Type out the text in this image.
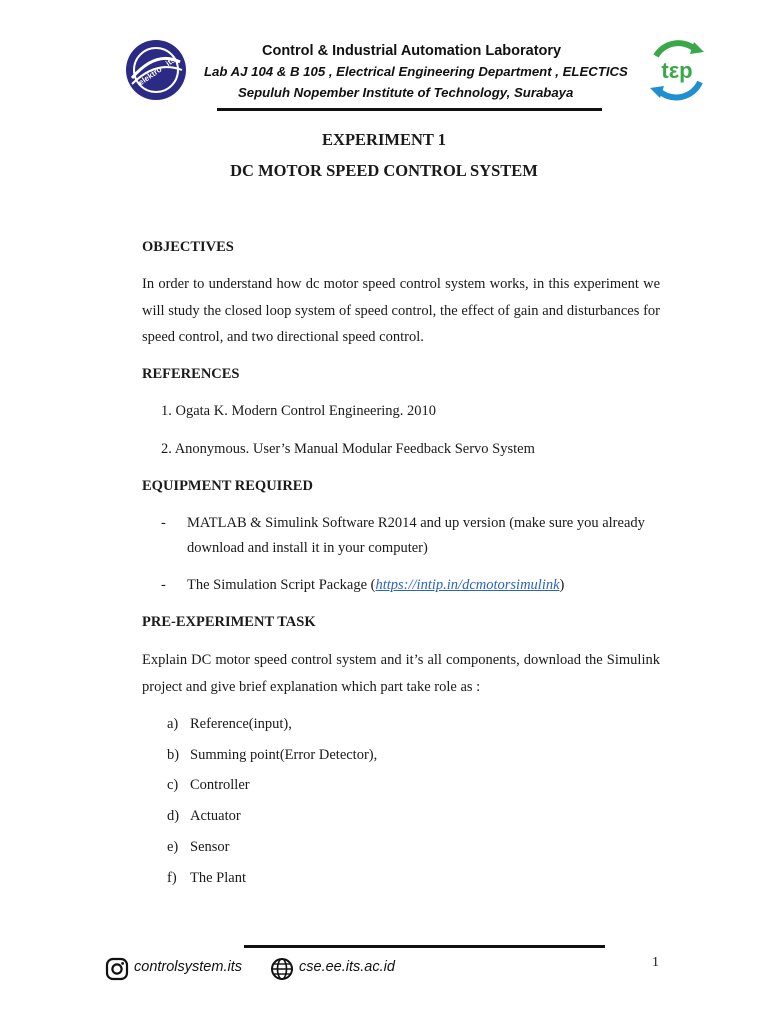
elektro - its
Control & Industrial Automation Laboratory
Lab AJ 104 & B 105 , Electrical Engineering Department , ELECTICS
Sepuluh Nopember Institute of Technology, Surabaya
tεp
EXPERIMENT 1
DC MOTOR SPEED CONTROL SYSTEM
OBJECTIVES
In order to understand how dc motor speed control system works, in this experiment we will study the closed loop system of speed control, the effect of gain and disturbances for speed control, and two directional speed control.
REFERENCES
1. Ogata K. Modern Control Engineering. 2010
2. Anonymous. User’s Manual Modular Feedback Servo System
EQUIPMENT REQUIRED
- MATLAB & Simulink Software R2014 and up version (make sure you already download and install it in your computer)
- The Simulation Script Package (https://intip.in/dcmotorsimulink)
PRE-EXPERIMENT TASK
Explain DC motor speed control system and it’s all components, download the Simulink project and give brief explanation which part take role as :
a) Reference(input),
b) Summing point(Error Detector),
c) Controller
d) Actuator
e) Sensor
f) The Plant
controlsystem.its	cse.ee.its.ac.id	1
